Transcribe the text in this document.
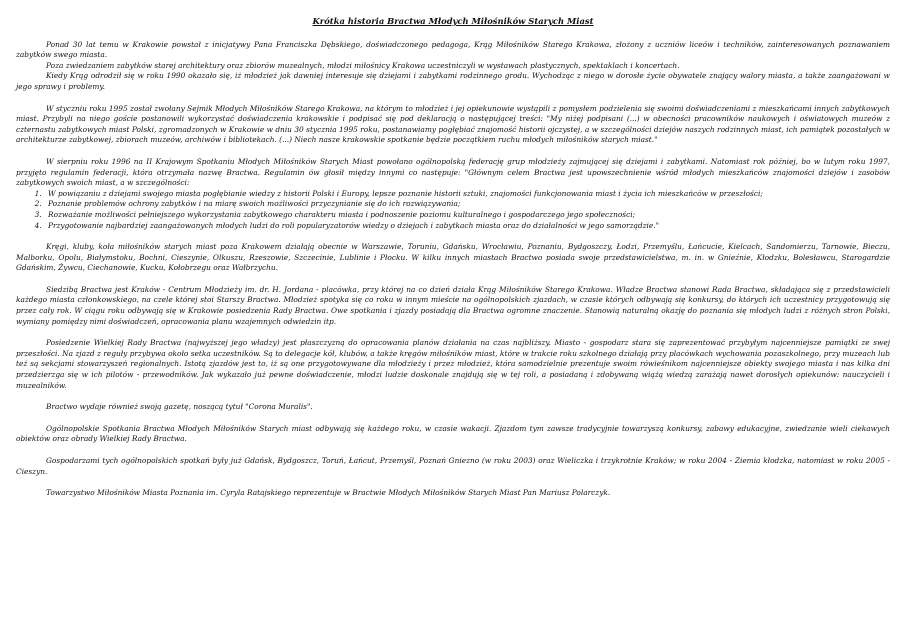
Krótka historia Bractwa Młodych Miłośników Starych Miast

Ponad 30 lat temu w Krakowie powstał z inicjatywy Pana Franciszka Dębskiego, doświadczonego pedagoga, Krąg Miłośników Starego Krakowa, złożony z uczniów liceów i techników, zainteresowanych poznawaniem zabytków swego miasta.

Poza zwiedzaniem zabytków starej architektury oraz zbiorów muzealnych, młodzi miłośnicy Krakowa uczestniczyli w wystawach plastycznych, spektaklach i koncertach.

Kiedy Krąg odrodził się w roku 1990 okazało się, iż młodzież jak dawniej interesuje się dziejami i zabytkami rodzinnego grodu. Wychodząc z niego w dorosłe życie obywatele znający walory miasta, a także zaangażowani w jego sprawy i problemy.

W styczniu roku 1995 został zwołany Sejmik Młodych Miłośników Starego Krakowa, na którym to młodzież i jej opiekunowie wystąpili z pomysłem podzielenia się swoimi doświadczeniami z mieszkańcami innych zabytkowych miast. Przybyli na niego goście postanowili wykorzystać doświadczenia krakowskie i podpisać się pod deklaracją o następującej treści: "My niżej podpisani (...) w obecności pracowników naukowych i oświatowych muzeów z czternastu zabytkowych miast Polski, zgromadzonych w Krakowie w dniu 30 stycznia 1995 roku, postanawiamy pogłębiać znajomość historii ojczystej, a w szczególności dziejów naszych rodzinnych miast, ich pamiątek pozostałych w architekturze zabytkowej, zbiorach muzeów, archiwów i bibliotekach. (...) Niech nasze krakowskie spotkanie będzie początkiem ruchu młodych miłośników starych miast."

W sierpniu roku 1996 na II Krajowym Spotkaniu Młodych Miłośników Starych Miast powołano ogólnopolską federację grup młodzieży zajmującej się dziejami i zabytkami. Natomiast rok później, bo w lutym roku 1997, przyjęto regulamin federacji, która otrzymała nazwę Bractwa. Regulamin ów głosił między innymi co następuje: "Głównym celem Bractwa jest upowszechnienie wśród młodych mieszkańców znajomości dziejów i zasobów zabytkowych swoich miast, a w szczególności:

1. W powiązaniu z dziejami swojego miasta pogłębianie wiedzy z historii Polski i Europy, lepsze poznanie historii sztuki, znajomości funkcjonowania miast i życia ich mieszkańców w przeszłości;
2. Poznanie problemów ochrony zabytków i na miarę swoich możliwości przyczynianie się do ich rozwiązywania;
3. Rozważanie możliwości pełniejszego wykorzystania zabytkowego charakteru miasta i podnoszenie poziomu kulturalnego i gospodarczego jego społeczności;
4. Przygotowanie najbardziej zaangażowanych młodych ludzi do roli popularyzatorów wiedzy o dziejach i zabytkach miasta oraz do działalności w jego samorządzie."

Kręgi, kluby, koła miłośników starych miast poza Krakowem działają obecnie w Warszawie, Toruniu, Gdańsku, Wrocławiu, Poznaniu, Bydgoszczy, Łodzi, Przemyślu, Łańcucie, Kielcach, Sandomierzu, Tarnowie, Bieczu, Malborku, Opolu, Białymstoku, Bochni, Cieszynie, Olkuszu, Rzeszowie, Szczecinie, Lublinie i Płocku. W kilku innych miastach Bractwo posiada swoje przedstawicielstwa, m. in. w Gnieźnie, Kłodzku, Bolesławcu, Starogardzie Gdańskim, Żywcu, Ciechanowie, Kucku, Kołobrzegu oraz Wałbrzychu.

Siedzibą Bractwa jest Kraków - Centrum Młodzieży im. dr. H. Jordana - placówka, przy której na co dzień działa Krąg Miłośników Starego Krakowa. Władze Bractwa stanowi Rada Bractwa, składająca się z przedstawicieli każdego miasta członkowskiego, na czele której stoi Starszy Bractwa. Młodzież spotyka się co roku w innym mieście na ogólnopolskich zjazdach, w czasie których odbywają się konkursy, do których ich uczestnicy przygotowują się przez cały rok. W ciągu roku odbywają się w Krakowie posiedzenia Rady Bractwa. Owe spotkania i zjazdy posiadają dla Bractwa ogromne znaczenie. Stanowią naturalną okazję do poznania się młodych ludzi z różnych stron Polski, wymiany pomiędzy nimi doświadczeń, opracowania planu wzajemnych odwiedzin itp.

Posiedzenie Wielkiej Rady Bractwa (najwyższej jego władzy) jest płaszczyzną do opracowania planów działania na czas najbliższy. Miasto - gospodarz stara się zaprezentować przybyłym najcenniejsze pamiątki ze swej przeszłości. Na zjazd z reguły przybywa około setka uczestników. Są to delegacje kół, klubów, a także kręgów miłośników miast, które w trakcie roku szkolnego działają przy placówkach wychowania pozaszkolnego, przy muzeach lub też są sekcjami stowarzyszeń regionalnych. Istotą zjazdów jest to, iż są one przygotowywane dla młodzieży i przez młodzież, która samodzielnie prezentuje swoim rówieśnikom najcenniejsze obiekty swojego miasta i nas kilka dni przedzierzga się w ich pilotów - przewodników. Jak wykazało już pewne doświadczenie, młodzi ludzie doskonale znajdują się w tej roli, a posiadaną i zdobywaną wiążą wiedzą zarażają nawet dorosłych opiekunów: nauczycieli i muzealników.

Bractwo wydaje również swoją gazetę, noszącą tytuł "Corona Muralis".

Ogólnopolskie Spotkania Bractwa Młodych Miłośników Starych miast odbywają się każdego roku, w czasie wakacji. Zjazdom tym zawsze tradycyjnie towarzyszą konkursy, zabawy edukacyjne, zwiedzanie wieli ciekawych obiektów oraz obrady Wielkiej Rady Bractwa.

Gospodarzami tych ogólnopolskich spotkań były już Gdańsk, Bydgoszcz, Toruń, Łańcut, Przemyśl, Poznań Gniezno (w roku 2003) oraz Wieliczka i trzykrotnie Kraków; w roku 2004 - Ziemia kłodzka, natomiast w roku 2005 -Cieszyn.

Towarzystwo Miłośników Miasta Poznania im. Cyryla Ratajskiego reprezentuje w Bractwie Młodych Miłośników Starych Miast Pan Mariusz Polarczyk.
